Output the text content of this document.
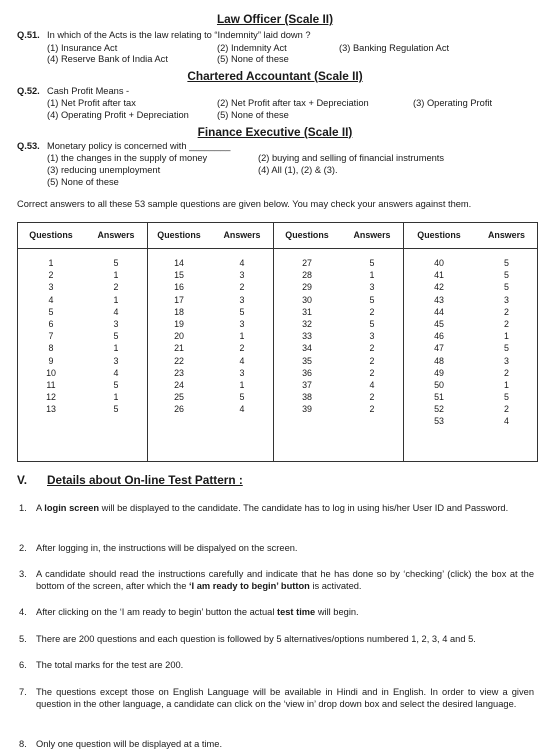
Law Officer (Scale II)
Q.51. In which of the Acts is the law relating to “Indemnity” laid down ?
(1) Insurance Act	(2) Indemnity Act	(3) Banking Regulation Act
(4) Reserve Bank of India Act	(5) None of these
Chartered Accountant (Scale II)
Q.52. Cash Profit Means -
(1) Net Profit after tax	(2) Net Profit after tax + Depreciation	(3) Operating Profit
(4) Operating Profit + Depreciation	(5) None of these
Finance Executive (Scale II)
Q.53. Monetary policy is concerned with ________
(1) the changes in the supply of money	(2) buying and selling of financial instruments
(3) reducing unemployment	(4) All (1), (2) & (3).
(5) None of these
Correct answers to all these 53 sample questions are given below. You may check your answers against them.
Questions	Answers	Questions	Answers	Questions	Answers	Questions	Answers
1	5	14	4	27	5	40	5
2	1	15	3	28	1	41	5
3	2	16	2	29	3	42	5
4	1	17	3	30	5	43	3
5	4	18	5	31	2	44	2
6	3	19	3	32	5	45	2
7	5	20	1	33	3	46	1
8	1	21	2	34	2	47	5
9	3	22	4	35	2	48	3
10	4	23	3	36	2	49	2
11	5	24	1	37	4	50	1
12	1	25	5	38	2	51	5
13	5	26	4	39	2	52	2
						53	4
V. Details about On-line Test Pattern :
1. A login screen will be displayed to the candidate. The candidate has to log in using his/her User ID and Password.
2. After logging in, the instructions will be dispalyed on the screen.
3. A candidate should read the instructions carefully and indicate that he has done so by ‘checking’ (click) the box at the bottom of the screen, after which the ‘I am ready to begin’ button is activated.
4. After clicking on the ‘I am ready to begin’ button the actual test time will begin.
5. There are 200 questions and each question is followed by 5 alternatives/options numbered 1, 2, 3, 4 and 5.
6. The total marks for the test are 200.
7. The questions except those on English Language will be available in Hindi and in English. In order to view a given question in the other language, a candidate can click on the ‘view in’ drop down box and select the desired language.
8. Only one question will be displayed at a time.
